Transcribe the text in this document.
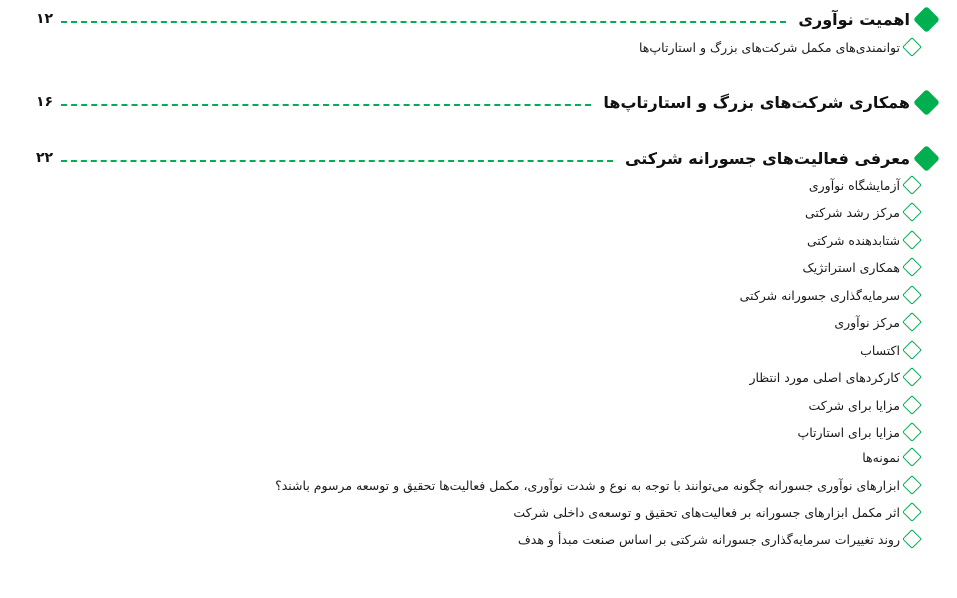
اهمیت نوآوری
۱۲
توانمندی‌های مکمل شرکت‌های بزرگ و استارتاپ‌ها
همکاری شرکت‌های بزرگ و استارتاپ‌ها
۱۶
معرفی فعالیت‌های جسورانه شرکتی
۲۲
آزمایشگاه نوآوری
مرکز رشد شرکتی
شتابدهنده شرکتی
همکاری استراتژیک
سرمایه‌گذاری جسورانه شرکتی
مرکز نوآوری
اکتساب
کارکردهای اصلی مورد انتظار
مزایا برای شرکت
مزایا برای استارتاپ
نمونه‌ها
ابزارهای نوآوری جسورانه چگونه می‌توانند با توجه به نوع و شدت نوآوری، مکمل فعالیت‌ها تحقیق و توسعه مرسوم باشند؟
اثر مکمل ابزارهای جسورانه بر فعالیت‌های تحقیق و توسعه‌ی داخلی شرکت
روند تغییرات سرمایه‌گذاری جسورانه شرکتی بر اساس صنعت مبدأ و هدف
